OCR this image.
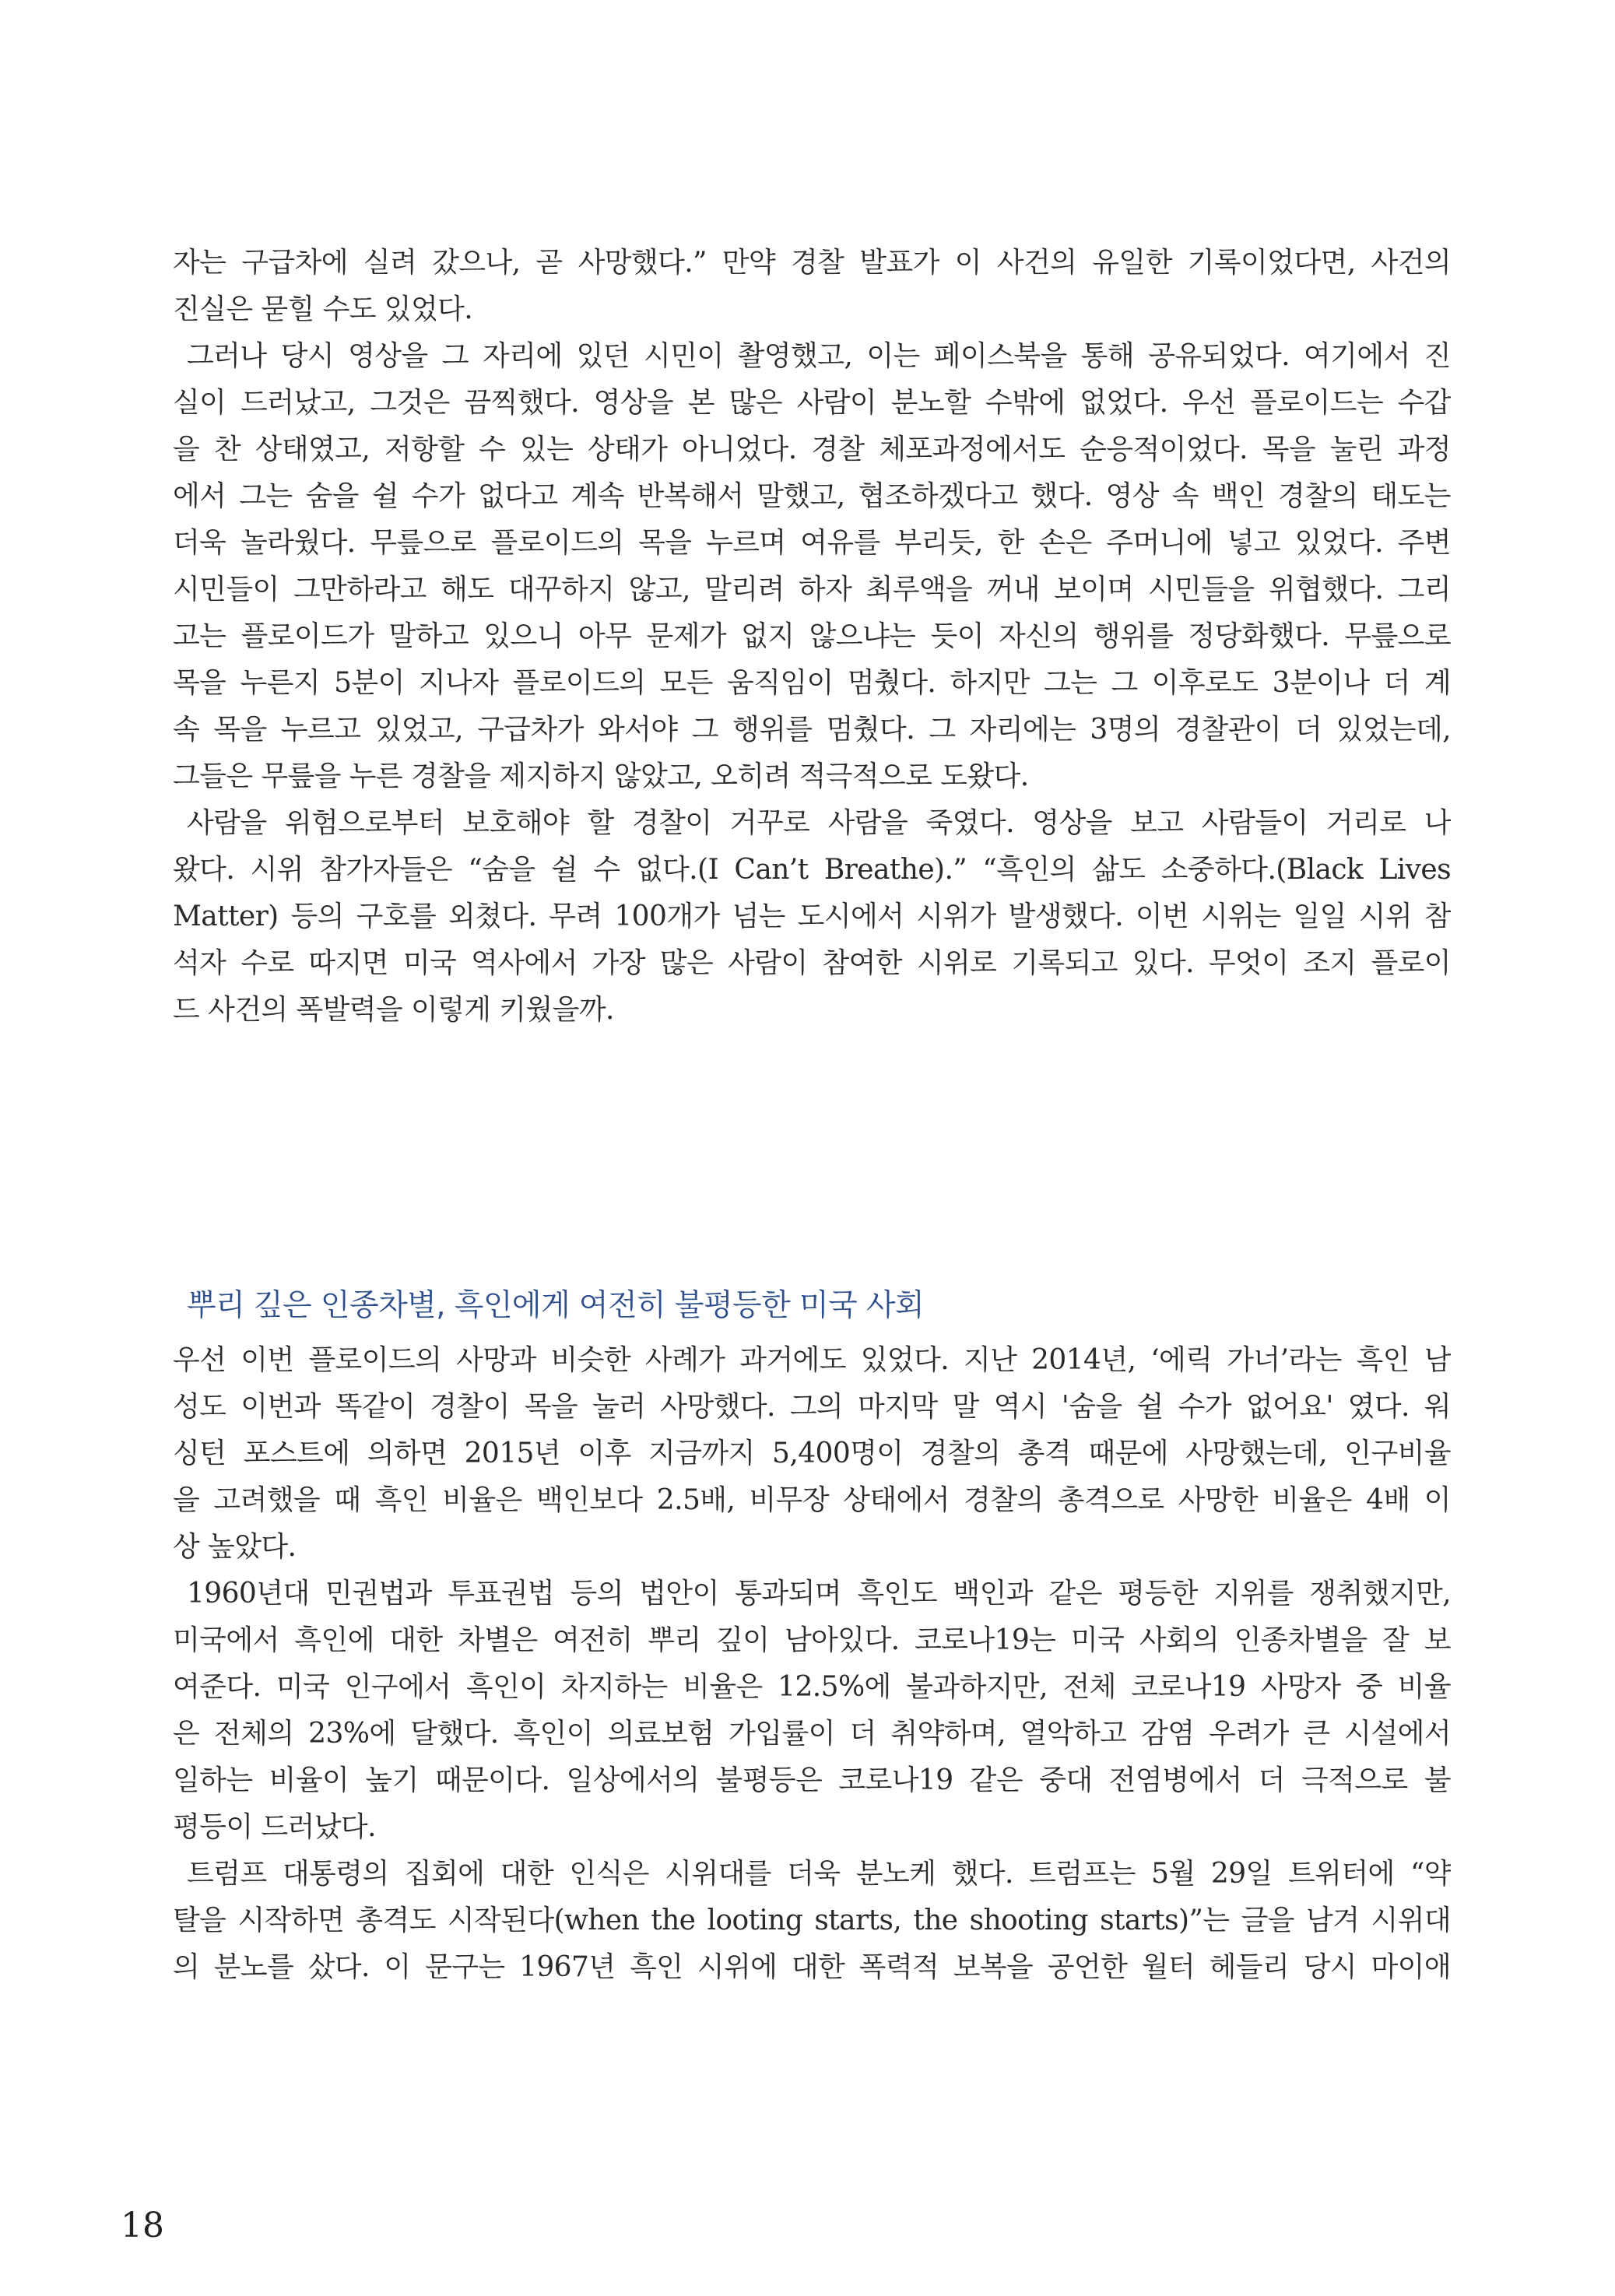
자는 구급차에 실려 갔으나, 곧 사망했다.” 만약 경찰 발표가 이 사건의 유일한 기록이었다면, 사건의
진실은 묻힐 수도 있었다.
그러나 당시 영상을 그 자리에 있던 시민이 촬영했고, 이는 페이스북을 통해 공유되었다. 여기에서 진
실이 드러났고, 그것은 끔찍했다. 영상을 본 많은 사람이 분노할 수밖에 없었다. 우선 플로이드는 수갑
을 찬 상태였고, 저항할 수 있는 상태가 아니었다. 경찰 체포과정에서도 순응적이었다. 목을 눌린 과정
에서 그는 숨을 쉴 수가 없다고 계속 반복해서 말했고, 협조하겠다고 했다. 영상 속 백인 경찰의 태도는
더욱 놀라웠다. 무릎으로 플로이드의 목을 누르며 여유를 부리듯, 한 손은 주머니에 넣고 있었다. 주변
시민들이 그만하라고 해도 대꾸하지 않고, 말리려 하자 최루액을 꺼내 보이며 시민들을 위협했다. 그리
고는 플로이드가 말하고 있으니 아무 문제가 없지 않으냐는 듯이 자신의 행위를 정당화했다. 무릎으로
목을 누른지 5분이 지나자 플로이드의 모든 움직임이 멈췄다. 하지만 그는 그 이후로도 3분이나 더 계
속 목을 누르고 있었고, 구급차가 와서야 그 행위를 멈췄다. 그 자리에는 3명의 경찰관이 더 있었는데,
그들은 무릎을 누른 경찰을 제지하지 않았고, 오히려 적극적으로 도왔다.
사람을 위험으로부터 보호해야 할 경찰이 거꾸로 사람을 죽였다. 영상을 보고 사람들이 거리로 나
왔다. 시위 참가자들은 “숨을 쉴 수 없다.(I Can’t Breathe).” “흑인의 삶도 소중하다.(Black Lives
Matter) 등의 구호를 외쳤다. 무려 100개가 넘는 도시에서 시위가 발생했다. 이번 시위는 일일 시위 참
석자 수로 따지면 미국 역사에서 가장 많은 사람이 참여한 시위로 기록되고 있다. 무엇이 조지 플로이
드 사건의 폭발력을 이렇게 키웠을까.
뿌리 깊은 인종차별, 흑인에게 여전히 불평등한 미국 사회
우선 이번 플로이드의 사망과 비슷한 사례가 과거에도 있었다. 지난 2014년, ‘에릭 가너’라는 흑인 남
성도 이번과 똑같이 경찰이 목을 눌러 사망했다. 그의 마지막 말 역시 '숨을 쉴 수가 없어요' 였다. 워
싱턴 포스트에 의하면 2015년 이후 지금까지 5,400명이 경찰의 총격 때문에 사망했는데, 인구비율
을 고려했을 때 흑인 비율은 백인보다 2.5배, 비무장 상태에서 경찰의 총격으로 사망한 비율은 4배 이
상 높았다.
1960년대 민권법과 투표권법 등의 법안이 통과되며 흑인도 백인과 같은 평등한 지위를 쟁취했지만,
미국에서 흑인에 대한 차별은 여전히 뿌리 깊이 남아있다. 코로나19는 미국 사회의 인종차별을 잘 보
여준다. 미국 인구에서 흑인이 차지하는 비율은 12.5%에 불과하지만, 전체 코로나19 사망자 중 비율
은 전체의 23%에 달했다. 흑인이 의료보험 가입률이 더 취약하며, 열악하고 감염 우려가 큰 시설에서
일하는 비율이 높기 때문이다. 일상에서의 불평등은 코로나19 같은 중대 전염병에서 더 극적으로 불
평등이 드러났다.
트럼프 대통령의 집회에 대한 인식은 시위대를 더욱 분노케 했다. 트럼프는 5월 29일 트위터에 “약
탈을 시작하면 총격도 시작된다(when the looting starts, the shooting starts)”는 글을 남겨 시위대
의 분노를 샀다. 이 문구는 1967년 흑인 시위에 대한 폭력적 보복을 공언한 월터 헤들리 당시 마이애
18
